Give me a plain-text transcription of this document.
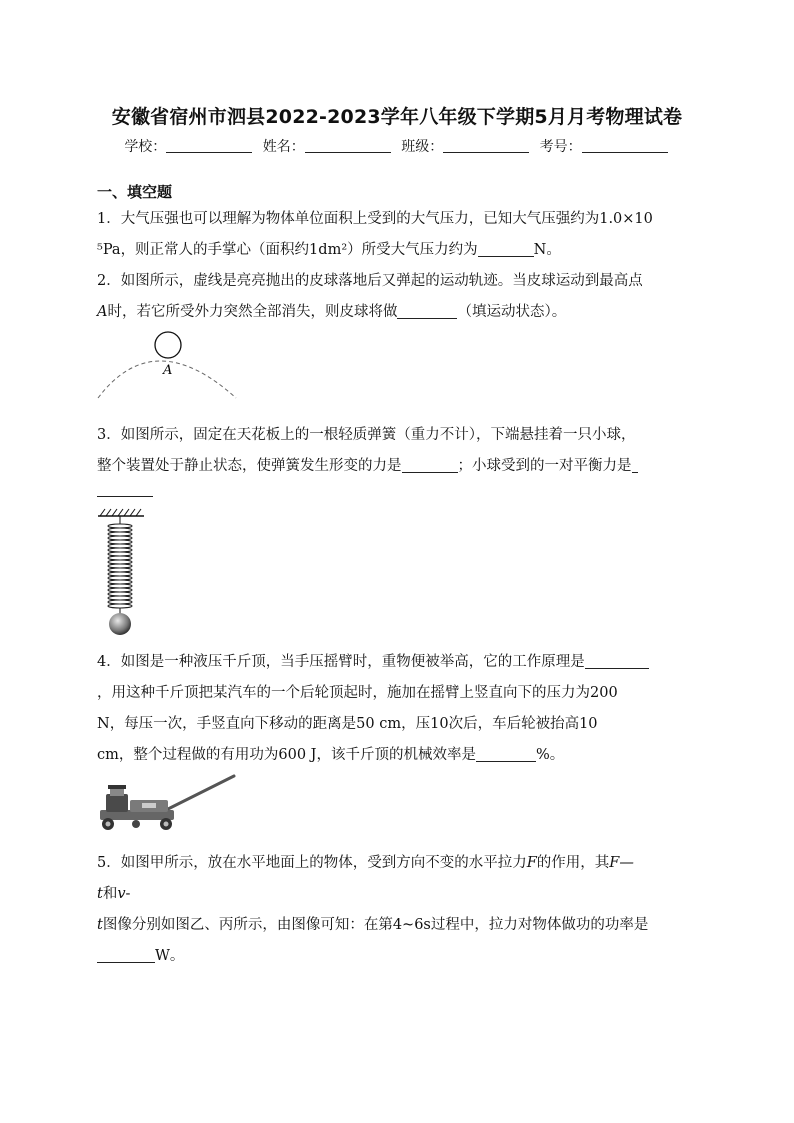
安徽省宿州市泗县2022-2023学年八年级下学期5月月考物理试卷
学校：	姓名：	班级：	考号：
一、填空题
1．大气压强也可以理解为物体单位面积上受到的大气压力，已知大气压强约为1.0×10
⁵Pa，则正常人的手掌心（面积约1dm²）所受大气压力约为	N。
2．如图所示，虚线是亮亮抛出的皮球落地后又弹起的运动轨迹。当皮球运动到最高点
A时，若它所受外力突然全部消失，则皮球将做	（填运动状态）。
A
3．如图所示，固定在天花板上的一根轻质弹簧（重力不计），下端悬挂着一只小球，
整个装置处于静止状态，使弹簧发生形变的力是	；小球受到的一对平衡力是
4．如图是一种液压千斤顶，当手压摇臂时，重物便被举高，它的工作原理是
，用这种千斤顶把某汽车的一个后轮顶起时，施加在摇臂上竖直向下的压力为200
N，每压一次，手竖直向下移动的距离是50 cm，压10次后，车后轮被抬高10
cm，整个过程做的有用功为600 J，该千斤顶的机械效率是	%。
5．如图甲所示，放在水平地面上的物体，受到方向不变的水平拉力F的作用，其F—
t和v-
t图像分别如图乙、丙所示，由图像可知：在第4~6s过程中，拉力对物体做功的功率是
W。
